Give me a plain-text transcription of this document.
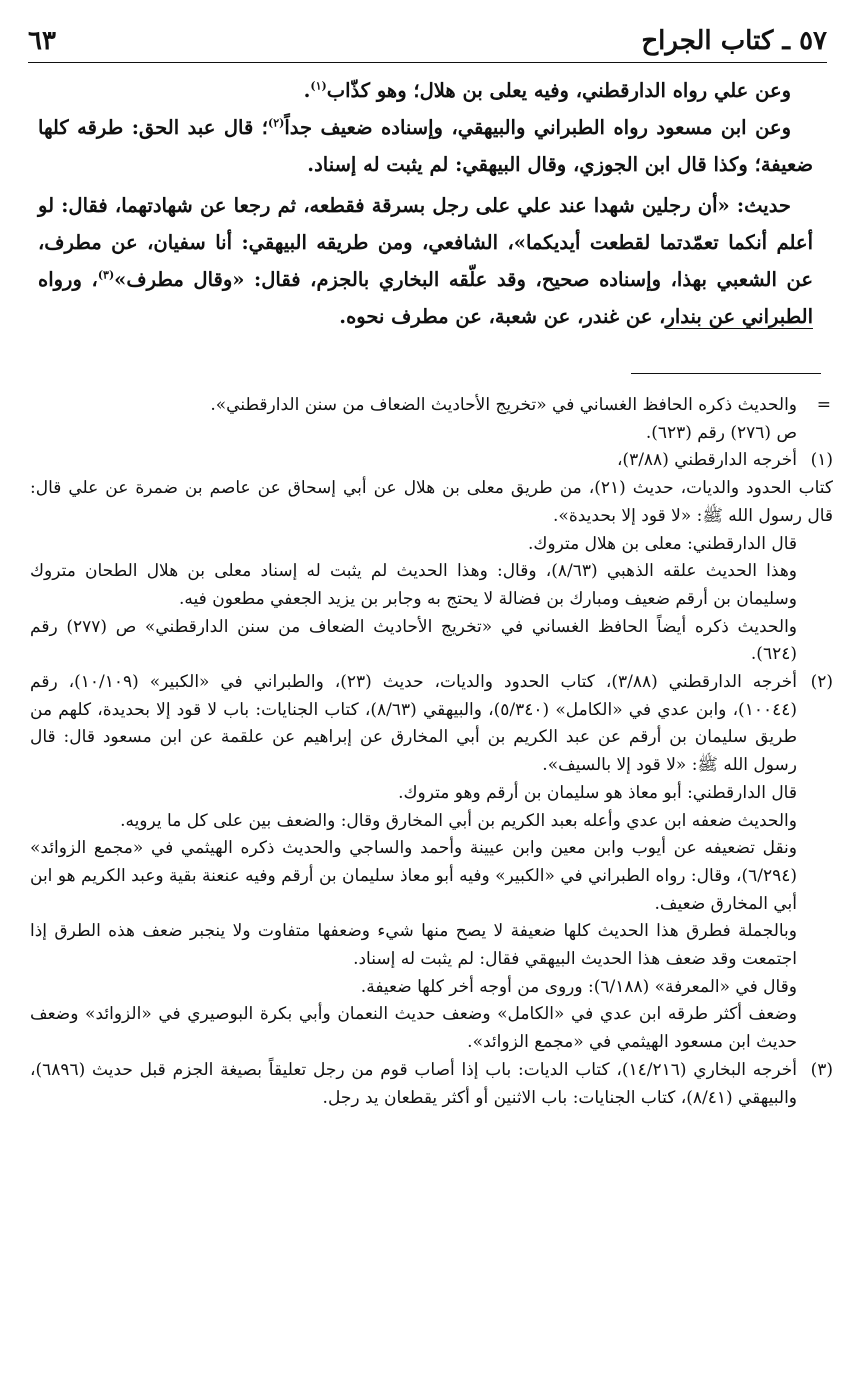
٥٧ ـ كتاب الجراح
٦٣

وعن علي رواه الدارقطني، وفيه يعلى بن هلال؛ وهو كذّاب$^{(١)}$.

وعن ابن مسعود رواه الطبراني والبيهقي، وإسناده ضعيف جداً$^{(٢)}$؛ قال عبد الحق: طرقه كلها ضعيفة؛ وكذا قال ابن الجوزي، وقال البيهقي: لم يثبت له إسناد.

حديث: «أن رجلين شهدا عند علي على رجل بسرقة فقطعه، ثم رجعا عن شهادتهما، فقال: لو أعلم أنكما تعمّدتما لقطعت أيديكما»، الشافعي، ومن طريقه البيهقي: أنا سفيان، عن مطرف، عن الشعبي بهذا، وإسناده صحيح، وقد علّقه البخاري بالجزم، فقال: «وقال مطرف»$^{(٣)}$، ورواه الطبراني عن بندار، عن غندر، عن شعبة، عن مطرف نحوه.

=

والحديث ذكره الحافظ الغساني في «تخريج الأحاديث الضعاف من سنن الدارقطني».

ص (٢٧٦) رقم (٦٢٣).

(١)

أخرجه الدارقطني (٣/٨٨)،

كتاب الحدود والديات، حديث (٢١)، من طريق معلى بن هلال عن أبي إسحاق عن عاصم بن ضمرة عن علي قال: قال رسول الله ﷺ: «لا قود إلا بحديدة».

قال الدارقطني: معلى بن هلال متروك.

وهذا الحديث علقه الذهبي (٨/٦٣)، وقال: وهذا الحديث لم يثبت له إسناد معلى بن هلال الطحان متروك وسليمان بن أرقم ضعيف ومبارك بن فضالة لا يحتج به وجابر بن يزيد الجعفي مطعون فيه.

والحديث ذكره أيضاً الحافظ الغساني في «تخريج الأحاديث الضعاف من سنن الدارقطني» ص (٢٧٧) رقم (٦٢٤).

(٢)

أخرجه الدارقطني (٣/٨٨)، كتاب الحدود والديات، حديث (٢٣)، والطبراني في «الكبير» (١٠/١٠٩)، رقم (١٠٠٤٤)، وابن عدي في «الكامل» (٥/٣٤٠)، والبيهقي (٨/٦٣)، كتاب الجنايات: باب لا قود إلا بحديدة، كلهم من طريق سليمان بن أرقم عن عبد الكريم بن أبي المخارق عن إبراهيم عن علقمة عن ابن مسعود قال: قال رسول الله ﷺ: «لا قود إلا بالسيف».

قال الدارقطني: أبو معاذ هو سليمان بن أرقم وهو متروك.

والحديث ضعفه ابن عدي وأعله بعبد الكريم بن أبي المخارق وقال: والضعف بين على كل ما يرويه.

ونقل تضعيفه عن أيوب وابن معين وابن عيينة وأحمد والساجي والحديث ذكره الهيثمي في «مجمع الزوائد» (٦/٢٩٤)، وقال: رواه الطبراني في «الكبير» وفيه أبو معاذ سليمان بن أرقم وفيه عنعنة بقية وعبد الكريم هو ابن أبي المخارق ضعيف.

وبالجملة فطرق هذا الحديث كلها ضعيفة لا يصح منها شيء وضعفها متفاوت ولا ينجبر ضعف هذه الطرق إذا اجتمعت وقد ضعف هذا الحديث البيهقي فقال: لم يثبت له إسناد.

وقال في «المعرفة» (٦/١٨٨): وروى من أوجه أخر كلها ضعيفة.

وضعف أكثر طرقه ابن عدي في «الكامل» وضعف حديث النعمان وأبي بكرة البوصيري في «الزوائد» وضعف حديث ابن مسعود الهيثمي في «مجمع الزوائد».

(٣)

أخرجه البخاري (١٤/٢١٦)، كتاب الديات: باب إذا أصاب قوم من رجل تعليقاً بصيغة الجزم قبل حديث (٦٨٩٦)، والبيهقي (٨/٤١)، كتاب الجنايات: باب الاثنين أو أكثر يقطعان يد رجل.
